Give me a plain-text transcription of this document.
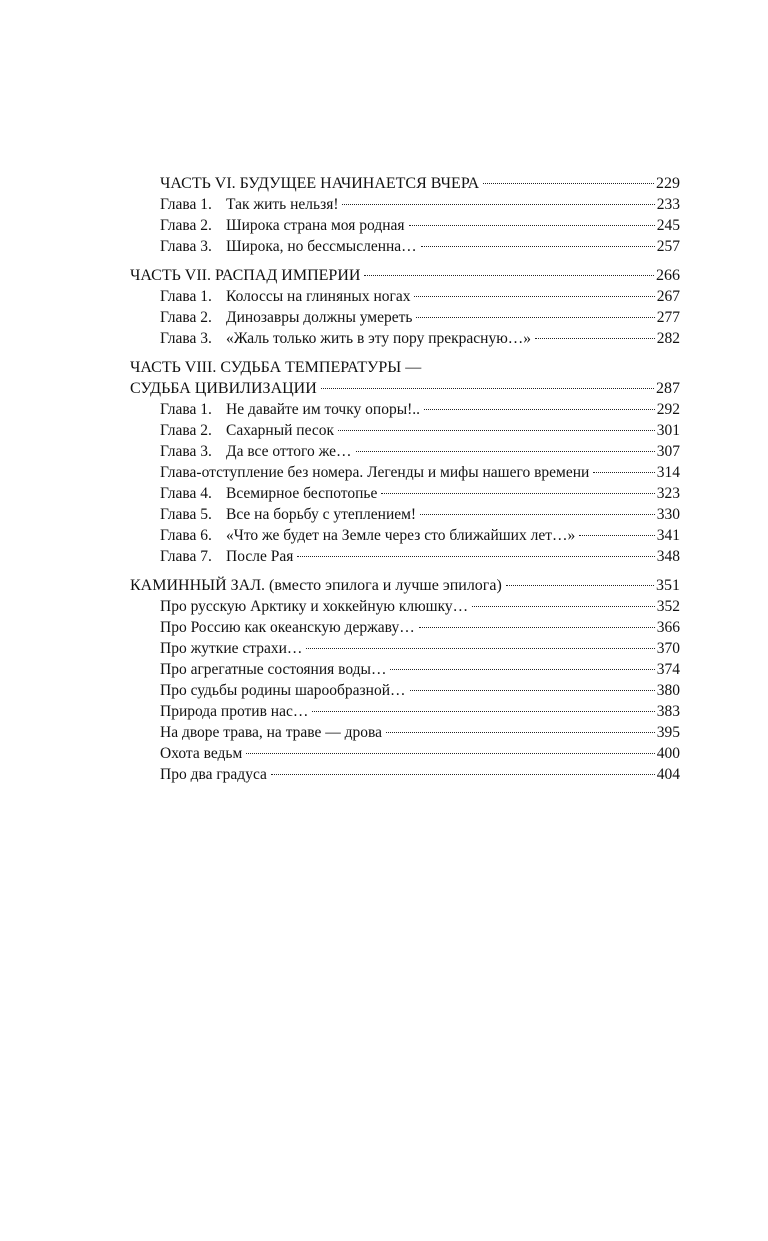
ЧАСТЬ VI. БУДУЩЕЕ НАЧИНАЕТСЯ ВЧЕРА	229
Глава 1. Так жить нельзя!	233
Глава 2. Широка страна моя родная	245
Глава 3. Широка, но бессмысленна…	257
ЧАСТЬ VII. РАСПАД ИМПЕРИИ	266
Глава 1. Колоссы на глиняных ногах	267
Глава 2. Динозавры должны умереть	277
Глава 3. «Жаль только жить в эту пору прекрасную…»	282
ЧАСТЬ VIII. СУДЬБА ТЕМПЕРАТУРЫ —
СУДЬБА ЦИВИЛИЗАЦИИ	287
Глава 1. Не давайте им точку опоры!..	292
Глава 2. Сахарный песок	301
Глава 3. Да все оттого же…	307
Глава-отступление без номера. Легенды и мифы нашего времени	314
Глава 4. Всемирное беспотопье	323
Глава 5. Все на борьбу с утеплением!	330
Глава 6. «Что же будет на Земле через сто ближайших лет…»	341
Глава 7. После Рая	348
КАМИННЫЙ ЗАЛ. (вместо эпилога и лучше эпилога)	351
Про русскую Арктику и хоккейную клюшку…	352
Про Россию как океанскую державу…	366
Про жуткие страхи…	370
Про агрегатные состояния воды…	374
Про судьбы родины шарообразной…	380
Природа против нас…	383
На дворе трава, на траве — дрова	395
Охота ведьм	400
Про два градуса	404
